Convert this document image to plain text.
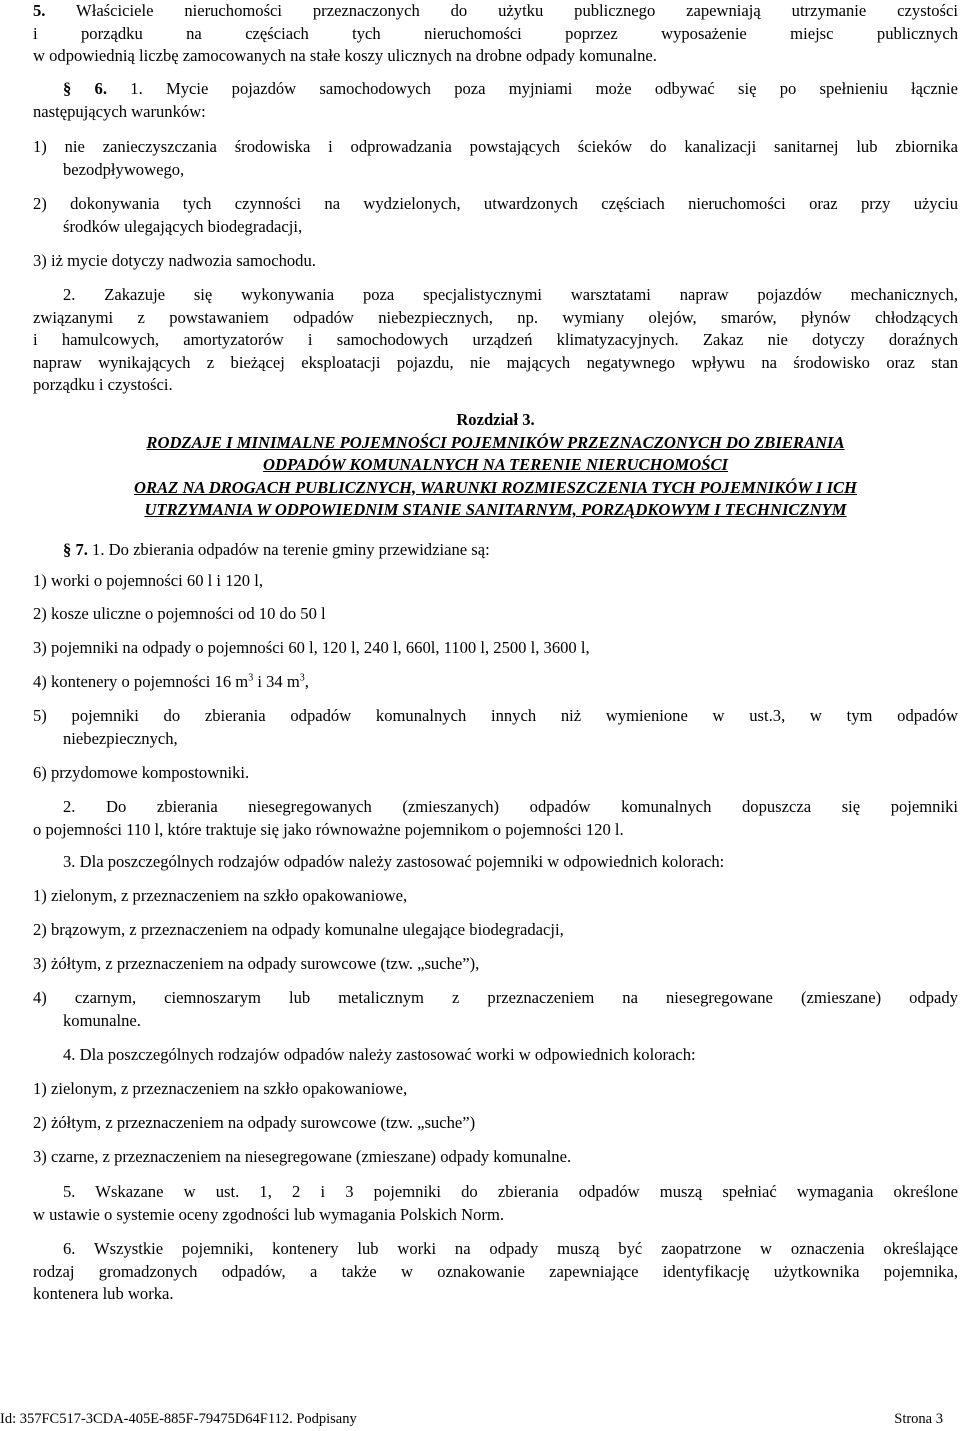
5. Właściciele nieruchomości przeznaczonych do użytku publicznego zapewniają utrzymanie czystości

i porządku na częściach tych nieruchomości poprzez wyposażenie miejsc publicznych

w odpowiednią liczbę zamocowanych na stałe koszy ulicznych na drobne odpady komunalne.

§ 6. 1. Mycie pojazdów samochodowych poza myjniami może odbywać się po spełnieniu łącznie

następujących warunków:

1) nie zanieczyszczania środowiska i odprowadzania powstających ścieków do kanalizacji sanitarnej lub zbiornika

bezodpływowego,

2) dokonywania tych czynności na wydzielonych, utwardzonych częściach nieruchomości oraz przy użyciu

środków ulegających biodegradacji,

3) iż mycie dotyczy nadwozia samochodu.

2. Zakazuje się wykonywania poza specjalistycznymi warsztatami napraw pojazdów mechanicznych,

związanymi z powstawaniem odpadów niebezpiecznych, np. wymiany olejów, smarów, płynów chłodzących

i hamulcowych, amortyzatorów i samochodowych urządzeń klimatyzacyjnych. Zakaz nie dotyczy doraźnych

napraw wynikających z bieżącej eksploatacji pojazdu, nie mających negatywnego wpływu na środowisko oraz stan

porządku i czystości.

Rozdział 3.

RODZAJE I MINIMALNE POJEMNOŚCI POJEMNIKÓW PRZEZNACZONYCH DO ZBIERANIA

ODPADÓW KOMUNALNYCH NA TERENIE NIERUCHOMOŚCI

ORAZ NA DROGACH PUBLICZNYCH, WARUNKI ROZMIESZCZENIA TYCH POJEMNIKÓW I ICH

UTRZYMANIA W ODPOWIEDNIM STANIE SANITARNYM, PORZĄDKOWYM I TECHNICZNYM

§ 7. 1. Do zbierania odpadów na terenie gminy przewidziane są:

1) worki o pojemności 60 l i 120 l,

2) kosze uliczne o pojemności od 10 do 50 l

3) pojemniki na odpady o pojemności 60 l, 120 l, 240 l, 660l, 1100 l, 2500 l, 3600 l,

4) kontenery o pojemności 16 $m^3$ i 34 $m^3$,

5) pojemniki do zbierania odpadów komunalnych innych niż wymienione w ust.3, w tym odpadów

niebezpiecznych,

6) przydomowe kompostowniki.

2. Do zbierania niesegregowanych (zmieszanych) odpadów komunalnych dopuszcza się pojemniki

o pojemności 110 l, które traktuje się jako równoważne pojemnikom o pojemności 120 l.

3. Dla poszczególnych rodzajów odpadów należy zastosować pojemniki w odpowiednich kolorach:

1) zielonym, z przeznaczeniem na szkło opakowaniowe,

2) brązowym, z przeznaczeniem na odpady komunalne ulegające biodegradacji,

3) żółtym, z przeznaczeniem na odpady surowcowe (tzw. „suche”),

4) czarnym, ciemnoszarym lub metalicznym z przeznaczeniem na niesegregowane (zmieszane) odpady

komunalne.

4. Dla poszczególnych rodzajów odpadów należy zastosować worki w odpowiednich kolorach:

1) zielonym, z przeznaczeniem na szkło opakowaniowe,

2) żółtym, z przeznaczeniem na odpady surowcowe (tzw. „suche”)

3) czarne, z przeznaczeniem na niesegregowane (zmieszane) odpady komunalne.

5. Wskazane w ust. 1, 2 i 3 pojemniki do zbierania odpadów muszą spełniać wymagania określone

w ustawie o systemie oceny zgodności lub wymagania Polskich Norm.

6. Wszystkie pojemniki, kontenery lub worki na odpady muszą być zaopatrzone w oznaczenia określające

rodzaj gromadzonych odpadów, a także w oznakowanie zapewniające identyfikację użytkownika pojemnika,

kontenera lub worka.

Id: 357FC517-3CDA-405E-885F-79475D64F112. Podpisany	Strona 3
